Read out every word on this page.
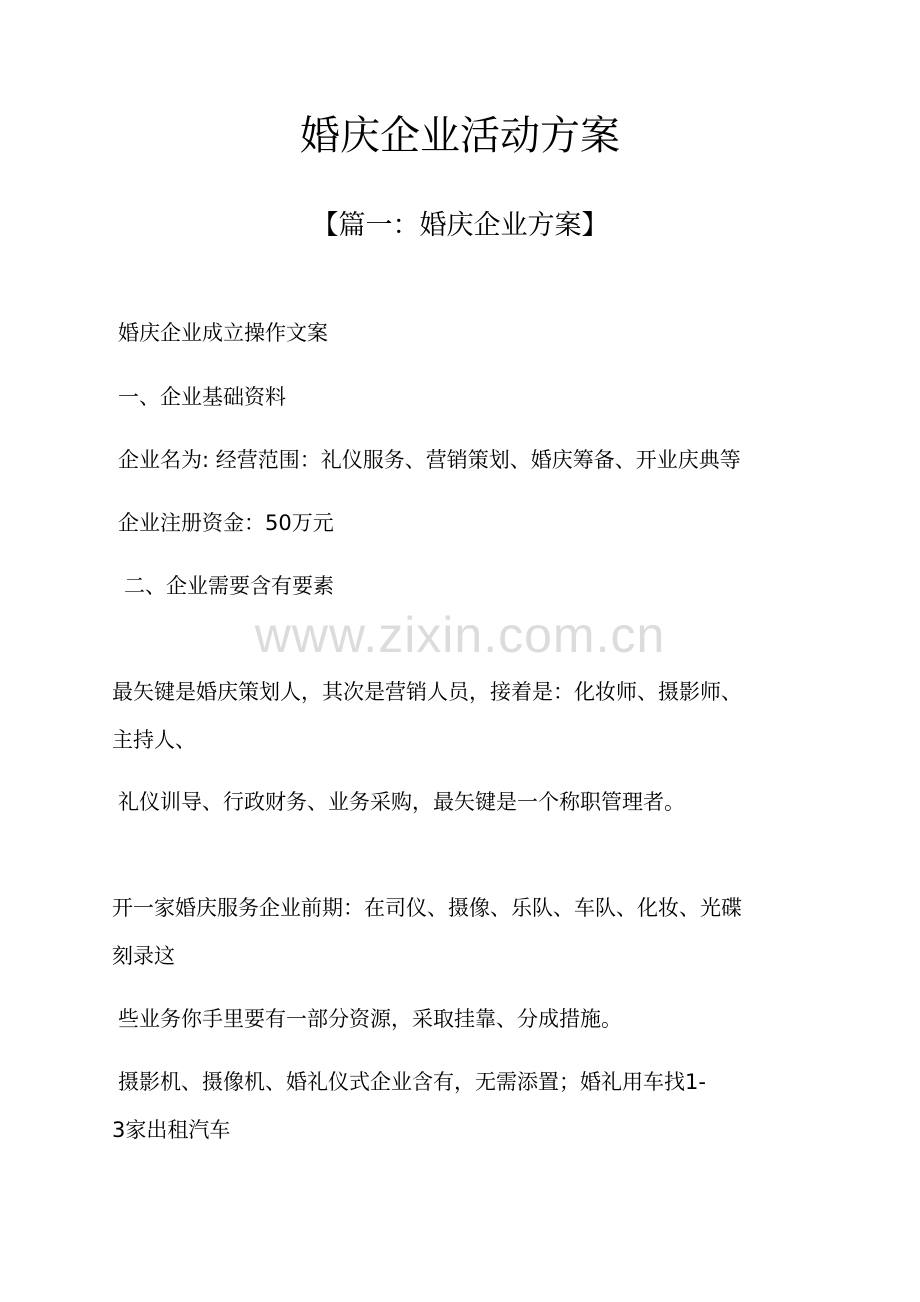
婚庆企业活动方案
【篇一：婚庆企业方案】
www.zixin.com.cn

婚庆企业成立操作文案

一、企业基础资料

企业名为: 经营范围：礼仪服务、营销策划、婚庆筹备、开业庆典等

企业注册资金：50万元

二、企业需要含有要素

最矢键是婚庆策划人，其次是营销人员，接着是：化妆师、摄影师、

主持人、

礼仪训导、行政财务、业务采购，最矢键是一个称职管理者。

开一家婚庆服务企业前期：在司仪、摄像、乐队、车队、化妆、光碟

刻录这

些业务你手里要有一部分资源，采取挂靠、分成措施。

摄影机、摄像机、婚礼仪式企业含有，无需添置；婚礼用车找1-

3家出租汽车
